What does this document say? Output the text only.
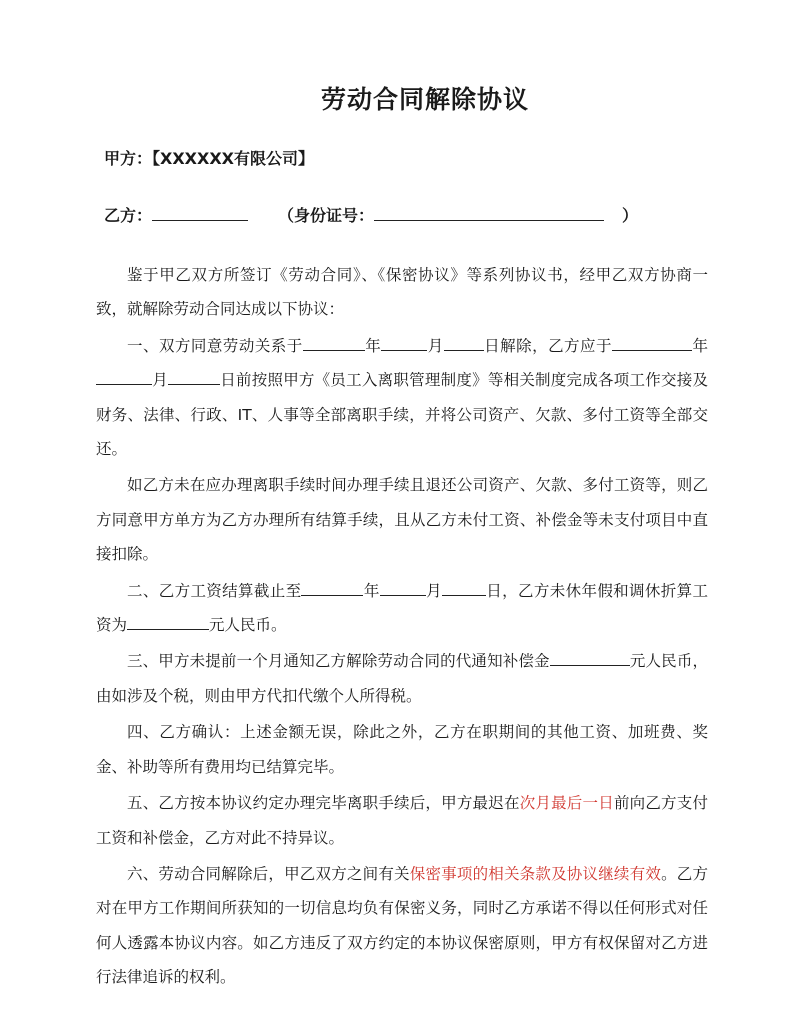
劳动合同解除协议
甲方：【XXXXXX有限公司】
乙方：	（身份证号：	）

鉴于甲乙双方所签订《劳动合同》、《保密协议》等系列协议书，经甲乙双方协商一致，就解除劳动合同达成以下协议：

一、双方同意劳动关系于	年	月	日解除，乙方应于	年月	日前按照甲方《员工入离职管理制度》等相关制度完成各项工作交接及财务、法律、行政、IT、人事等全部离职手续，并将公司资产、欠款、多付工资等全部交还。

如乙方未在应办理离职手续时间办理手续且退还公司资产、欠款、多付工资等，则乙方同意甲方单方为乙方办理所有结算手续，且从乙方未付工资、补偿金等未支付项目中直接扣除。

二、乙方工资结算截止至	年	月	日，乙方未休年假和调休折算工资为	元人民币。

三、甲方未提前一个月通知乙方解除劳动合同的代通知补偿金	元人民币，由如涉及个税，则由甲方代扣代缴个人所得税。

四、乙方确认：上述金额无误，除此之外，乙方在职期间的其他工资、加班费、奖金、补助等所有费用均已结算完毕。

五、乙方按本协议约定办理完毕离职手续后，甲方最迟在次月最后一日前向乙方支付工资和补偿金，乙方对此不持异议。

六、劳动合同解除后，甲乙双方之间有关保密事项的相关条款及协议继续有效。乙方对在甲方工作期间所获知的一切信息均负有保密义务，同时乙方承诺不得以任何形式对任何人透露本协议内容。如乙方违反了双方约定的本协议保密原则，甲方有权保留对乙方进行法律追诉的权利。
